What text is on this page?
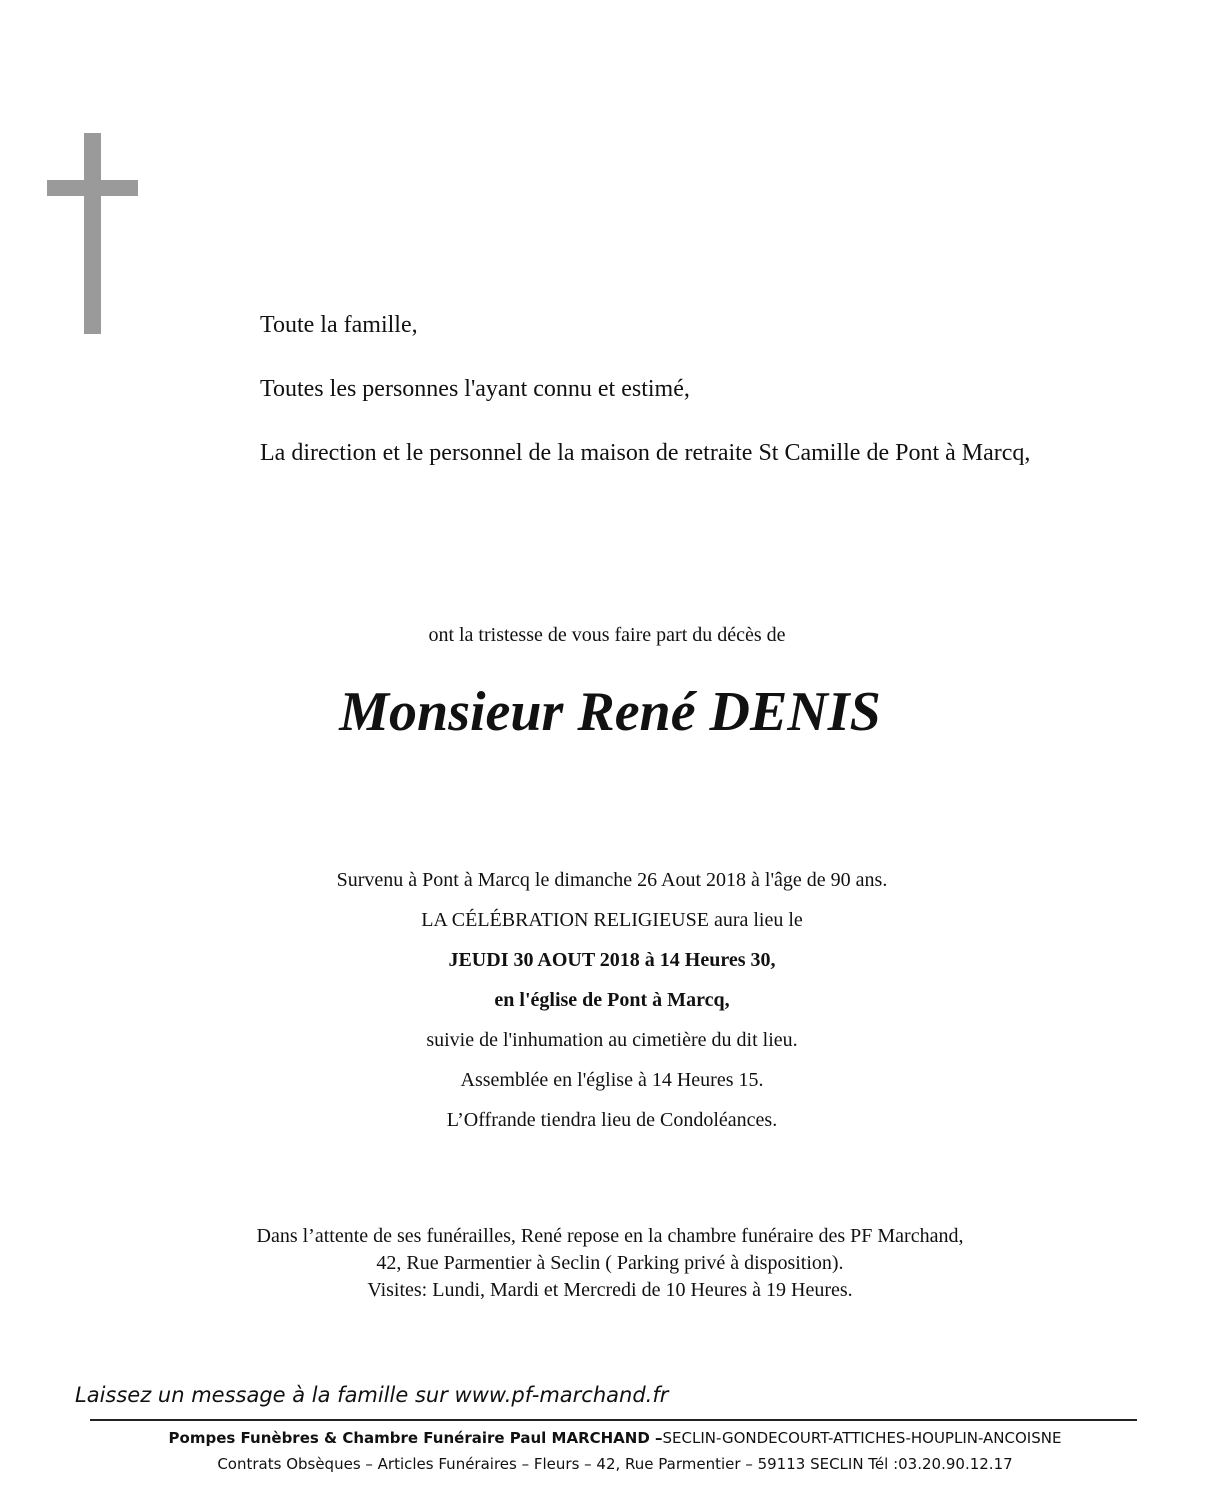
Toute la famille,
Toutes les personnes l'ayant connu et estimé,
La direction et le personnel de la maison de retraite St Camille de Pont à Marcq,
ont la tristesse de vous faire part du décès de
Monsieur René DENIS
Survenu à Pont à Marcq le dimanche 26 Aout 2018 à l'âge de 90 ans.
LA CÉLÉBRATION RELIGIEUSE aura lieu le
JEUDI 30 AOUT 2018 à 14 Heures 30,
en l'église de Pont à Marcq,
suivie de l'inhumation au cimetière du dit lieu.
Assemblée en l'église à 14 Heures 15.
L’Offrande tiendra lieu de Condoléances.
Dans l’attente de ses funérailles, René repose en la chambre funéraire des PF Marchand,
42, Rue Parmentier à Seclin ( Parking privé à disposition).
Visites: Lundi, Mardi et Mercredi de 10 Heures à 19 Heures.
Laissez un message à la famille sur www.pf-marchand.fr
Pompes Funèbres & Chambre Funéraire Paul MARCHAND –SECLIN-GONDECOURT-ATTICHES-HOUPLIN-ANCOISNE
Contrats Obsèques – Articles Funéraires – Fleurs – 42, Rue Parmentier – 59113 SECLIN Tél :03.20.90.12.17
